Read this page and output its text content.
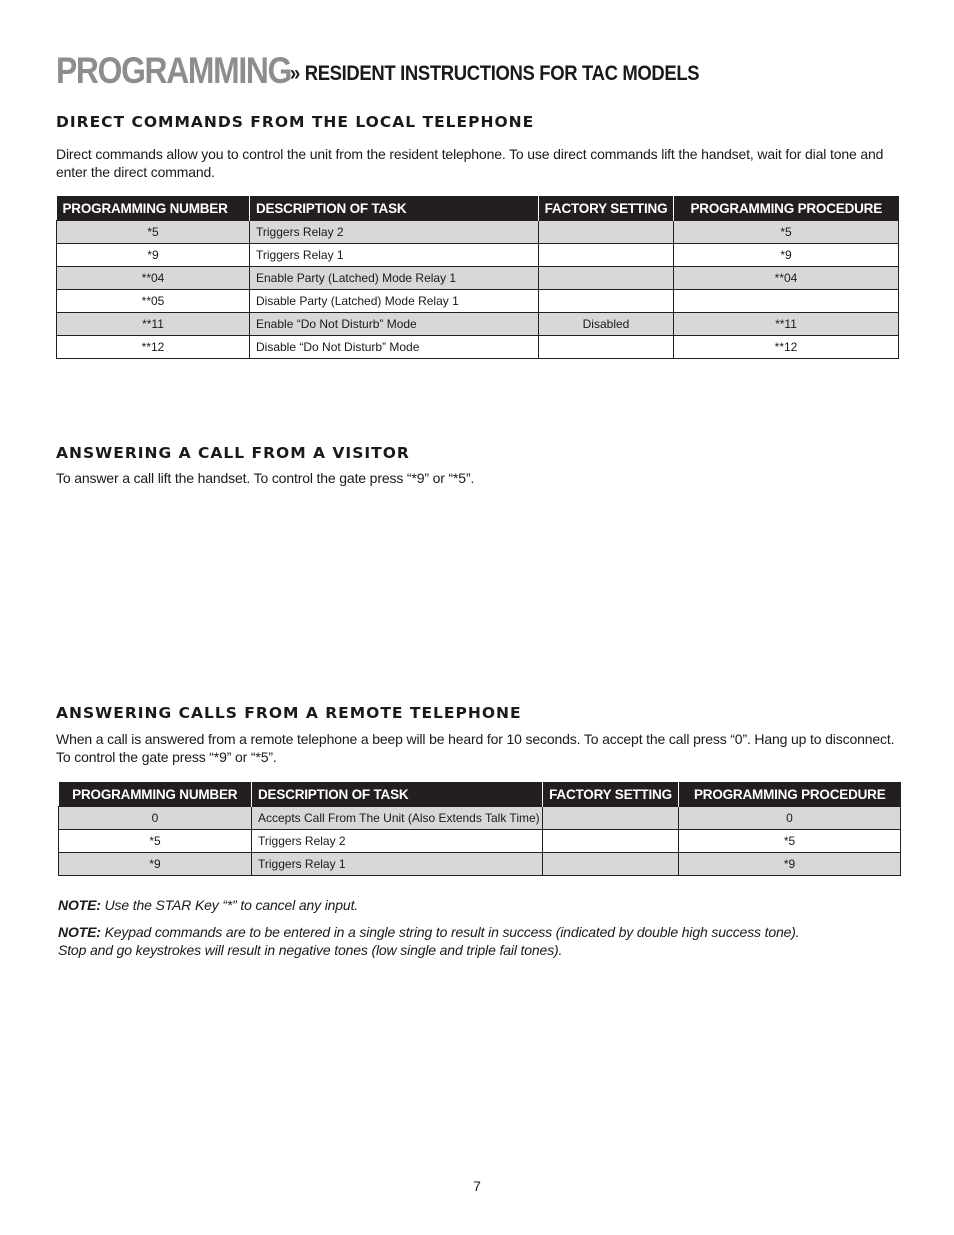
PROGRAMMING
» RESIDENT INSTRUCTIONS FOR TAC MODELS
DIRECT COMMANDS FROM THE LOCAL TELEPHONE

Direct commands allow you to control the unit from the resident telephone. To use direct commands lift the handset, wait for dial tone and enter the direct command.

PROGRAMMING NUMBER	DESCRIPTION OF TASK	FACTORY SETTING	PROGRAMMING PROCEDURE
*5	Triggers Relay 2		*5
*9	Triggers Relay 1		*9
**04	Enable Party (Latched) Mode Relay 1		**04
**05	Disable Party (Latched) Mode Relay 1		
**11	Enable “Do Not Disturb” Mode	Disabled	**11
**12	Disable “Do Not Disturb” Mode		**12
ANSWERING A CALL FROM A VISITOR

To answer a call lift the handset. To control the gate press “*9” or “*5”.

ANSWERING CALLS FROM A REMOTE TELEPHONE

When a call is answered from a remote telephone a beep will be heard for 10 seconds. To accept the call press “0”. Hang up to disconnect. To control the gate press “*9” or “*5”.

PROGRAMMING NUMBER	DESCRIPTION OF TASK	FACTORY SETTING	PROGRAMMING PROCEDURE
0	Accepts Call From The Unit (Also Extends Talk Time)		0
*5	Triggers Relay 2		*5
*9	Triggers Relay 1		*9

NOTE: Use the STAR Key “*” to cancel any input.

NOTE: Keypad commands are to be entered in a single string to result in success (indicated by double high success tone). Stop and go keystrokes will result in negative tones (low single and triple fail tones).

7
